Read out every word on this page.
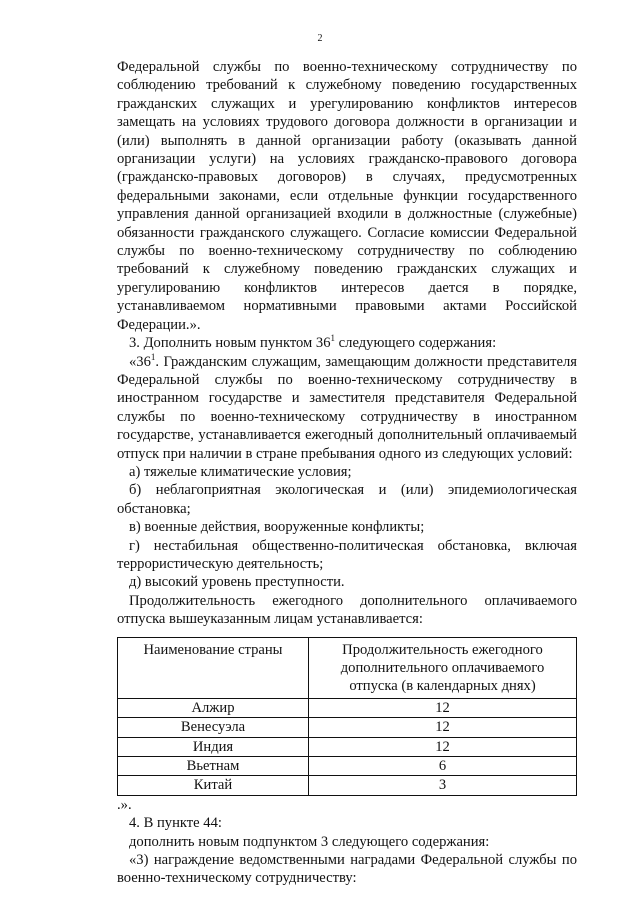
2

Федеральной службы по военно-техническому сотрудничеству по соблюдению требований к служебному поведению государственных гражданских служащих и урегулированию конфликтов интересов замещать на условиях трудового договора должности в организации и (или) выполнять в данной организации работу (оказывать данной организации услуги) на условиях гражданско-правового договора (гражданско-правовых договоров) в случаях, предусмотренных федеральными законами, если отдельные функции государственного управления данной организацией входили в должностные (служебные) обязанности гражданского служащего. Согласие комиссии Федеральной службы по военно-техническому сотрудничеству по соблюдению требований к служебному поведению гражданских служащих и урегулированию конфликтов интересов дается в порядке, устанавливаемом нормативными правовыми актами Российской Федерации.».

3. Дополнить новым пунктом $36^1$ следующего содержания:

«$36^1$. Гражданским служащим, замещающим должности представителя Федеральной службы по военно-техническому сотрудничеству в иностранном государстве и заместителя представителя Федеральной службы по военно-техническому сотрудничеству в иностранном государстве, устанавливается ежегодный дополнительный оплачиваемый отпуск при наличии в стране пребывания одного из следующих условий:

а) тяжелые климатические условия;

б) неблагоприятная экологическая и (или) эпидемиологическая обстановка;

в) военные действия, вооруженные конфликты;

г) нестабильная общественно-политическая обстановка, включая террористическую деятельность;

д) высокий уровень преступности.

Продолжительность ежегодного дополнительного оплачиваемого отпуска вышеуказанным лицам устанавливается:

Наименование страны	Продолжительность ежегодного дополнительного оплачиваемого отпуска (в календарных днях)
Алжир	12
Венесуэла	12
Индия	12
Вьетнам	6
Китай	3

.».

4. В пункте 44:

дополнить новым подпунктом 3 следующего содержания:

«3) награждение ведомственными наградами Федеральной службы по военно-техническому сотрудничеству:
